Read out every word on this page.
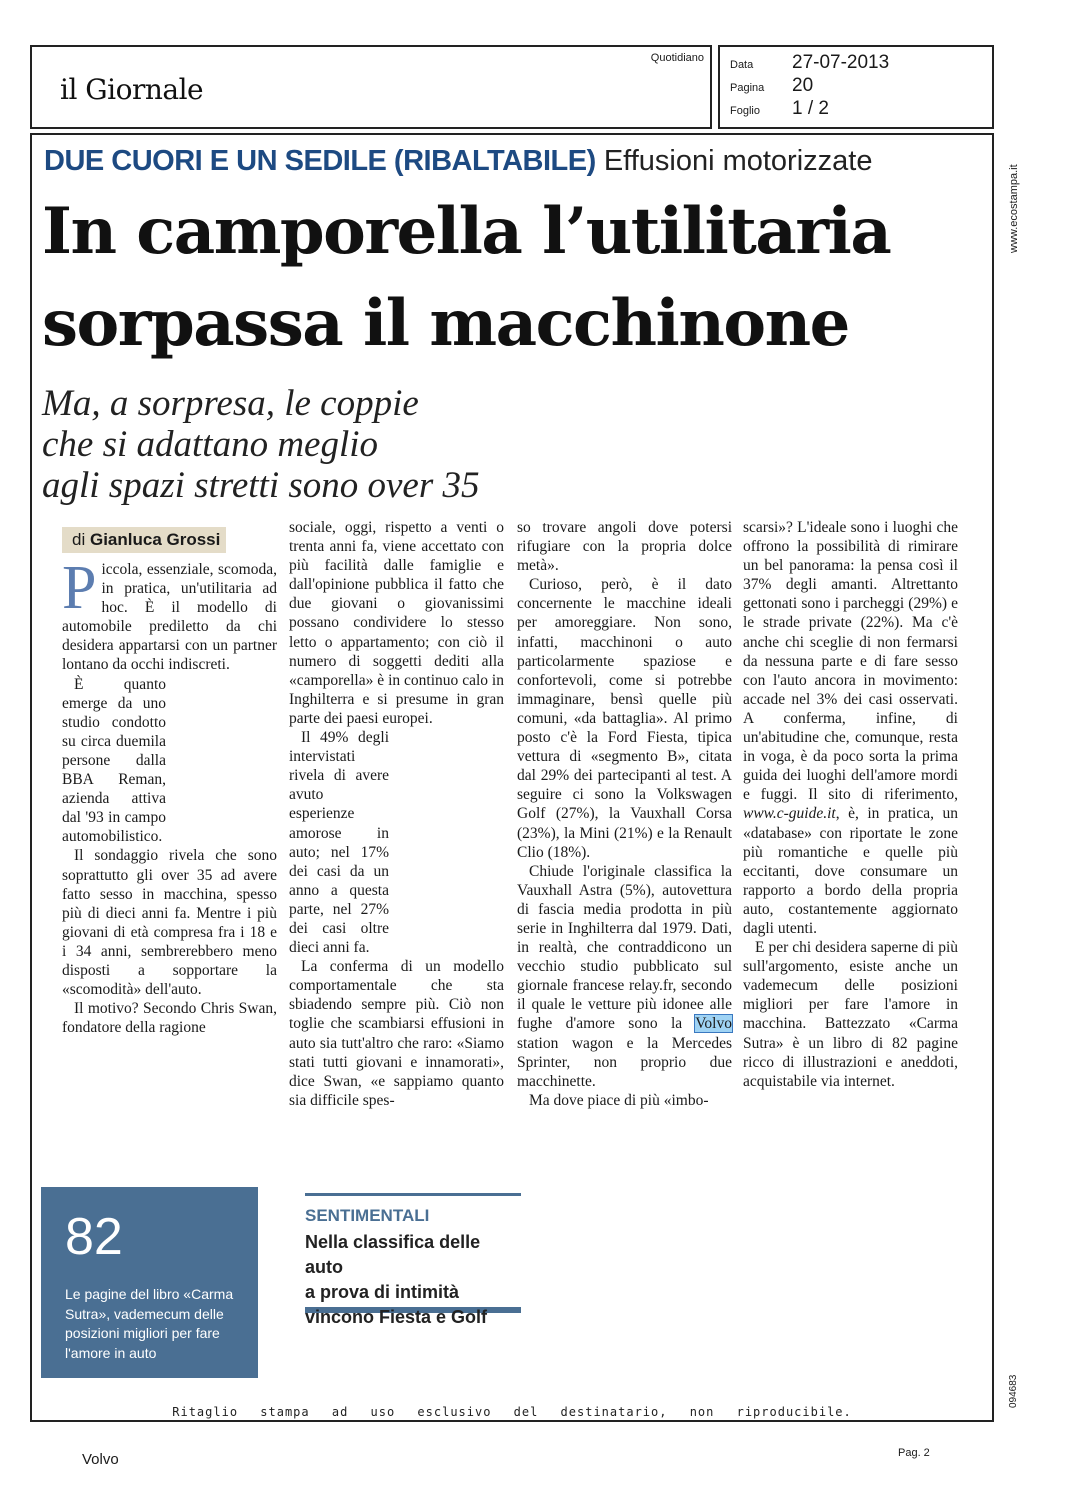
il Giornale
Quotidiano
Data	27-07-2013
Pagina	20
Foglio	1 / 2
www.ecostampa.it
094683
DUE CUORI E UN SEDILE (RIBALTABILE) Effusioni motorizzate
In camporella l’utilitaria
sorpassa il macchinone
Ma, a sorpresa, le coppie
che si adattano meglio
agli spazi stretti sono over 35
di Gianluca Grossi

Piccola, essenziale, scomoda, in pratica, un'utilitaria ad hoc. È il modello di automobile prediletto da chi desidera appartarsi con un partner lontano da occhi indiscreti.

È quanto emerge da uno studio condotto su circa duemila persone dalla BBA Reman, azienda attiva dal '93 in campo automobilistico.

Il sondaggio rivela che sono soprattutto gli over 35 ad avere fatto sesso in macchina, spesso più di dieci anni fa. Mentre i più giovani di età compresa fra i 18 e i 34 anni, sembrerebbero meno disposti a sopportare la «scomodità» dell'auto.

Il motivo? Secondo Chris Swan, fondatore della ragione

sociale, oggi, rispetto a venti o trenta anni fa, viene accettato con più facilità dalle famiglie e dall'opinione pubblica il fatto che due giovani o giovanissimi possano condividere lo stesso letto o appartamento; con ciò il numero di soggetti dediti alla «camporella» è in continuo calo in Inghilterra e si presume in gran parte dei paesi europei.

Il 49% degli intervistati rivela di avere avuto esperienze amorose in auto; nel 17% dei casi da un anno a questa parte, nel 27% dei casi oltre dieci anni fa.

La conferma di un modello comportamentale che sta sbiadendo sempre più. Ciò non toglie che scambiarsi effusioni in auto sia tutt'altro che raro: «Siamo stati tutti giovani e innamorati», dice Swan, «e sappiamo quanto sia difficile spes-

so trovare angoli dove potersi rifugiare con la propria dolce metà».

Curioso, però, è il dato concernente le macchine ideali per amoreggiare. Non sono, infatti, macchinoni o auto particolarmente spaziose e confortevoli, come si potrebbe immaginare, bensì quelle più comuni, «da battaglia». Al primo posto c'è la Ford Fiesta, tipica vettura di «segmento B», citata dal 29% dei partecipanti al test. A seguire ci sono la Volkswagen Golf (27%), la Vauxhall Corsa (23%), la Mini (21%) e la Renault Clio (18%).

Chiude l'originale classifica la Vauxhall Astra (5%), autovettura di fascia media prodotta in più serie in Inghilterra dal 1979. Dati, in realtà, che contraddicono un vecchio studio pubblicato sul giornale francese relay.fr, secondo il quale le vetture più idonee alle fughe d'amore sono la Volvo station wagon e la Mercedes Sprinter, non proprio due macchinette.

Ma dove piace di più «imbo-

scarsi»? L'ideale sono i luoghi che offrono la possibilità di rimirare un bel panorama: la pensa così il 37% degli amanti. Altrettanto gettonati sono i parcheggi (29%) e le strade private (22%). Ma c'è anche chi sceglie di non fermarsi da nessuna parte e di fare sesso con l'auto ancora in movimento: accade nel 3% dei casi osservati. A conferma, infine, di un'abitudine che, comunque, resta in voga, è da poco sorta la prima guida dei luoghi dell'amore mordi e fuggi. Il sito di riferimento, www.c-guide.it, è, in pratica, un «database» con riportate le zone più romantiche e quelle più eccitanti, dove consumare un rapporto a bordo della propria auto, costantemente aggiornato dagli utenti.

E per chi desidera saperne di più sull'argomento, esiste anche un vademecum delle posizioni migliori per fare l'amore in macchina. Battezzato «Carma Sutra» è un libro di 82 pagine ricco di illustrazioni e aneddoti, acquistabile via internet.

82
Le pagine del libro «Carma Sutra», vademecum delle posizioni migliori per fare l'amore in auto
SENTIMENTALI
Nella classifica delle auto
a prova di intimità
vincono Fiesta e Golf
Ritaglio stampa ad uso esclusivo del destinatario, non riproducibile.
Volvo	Pag. 2
